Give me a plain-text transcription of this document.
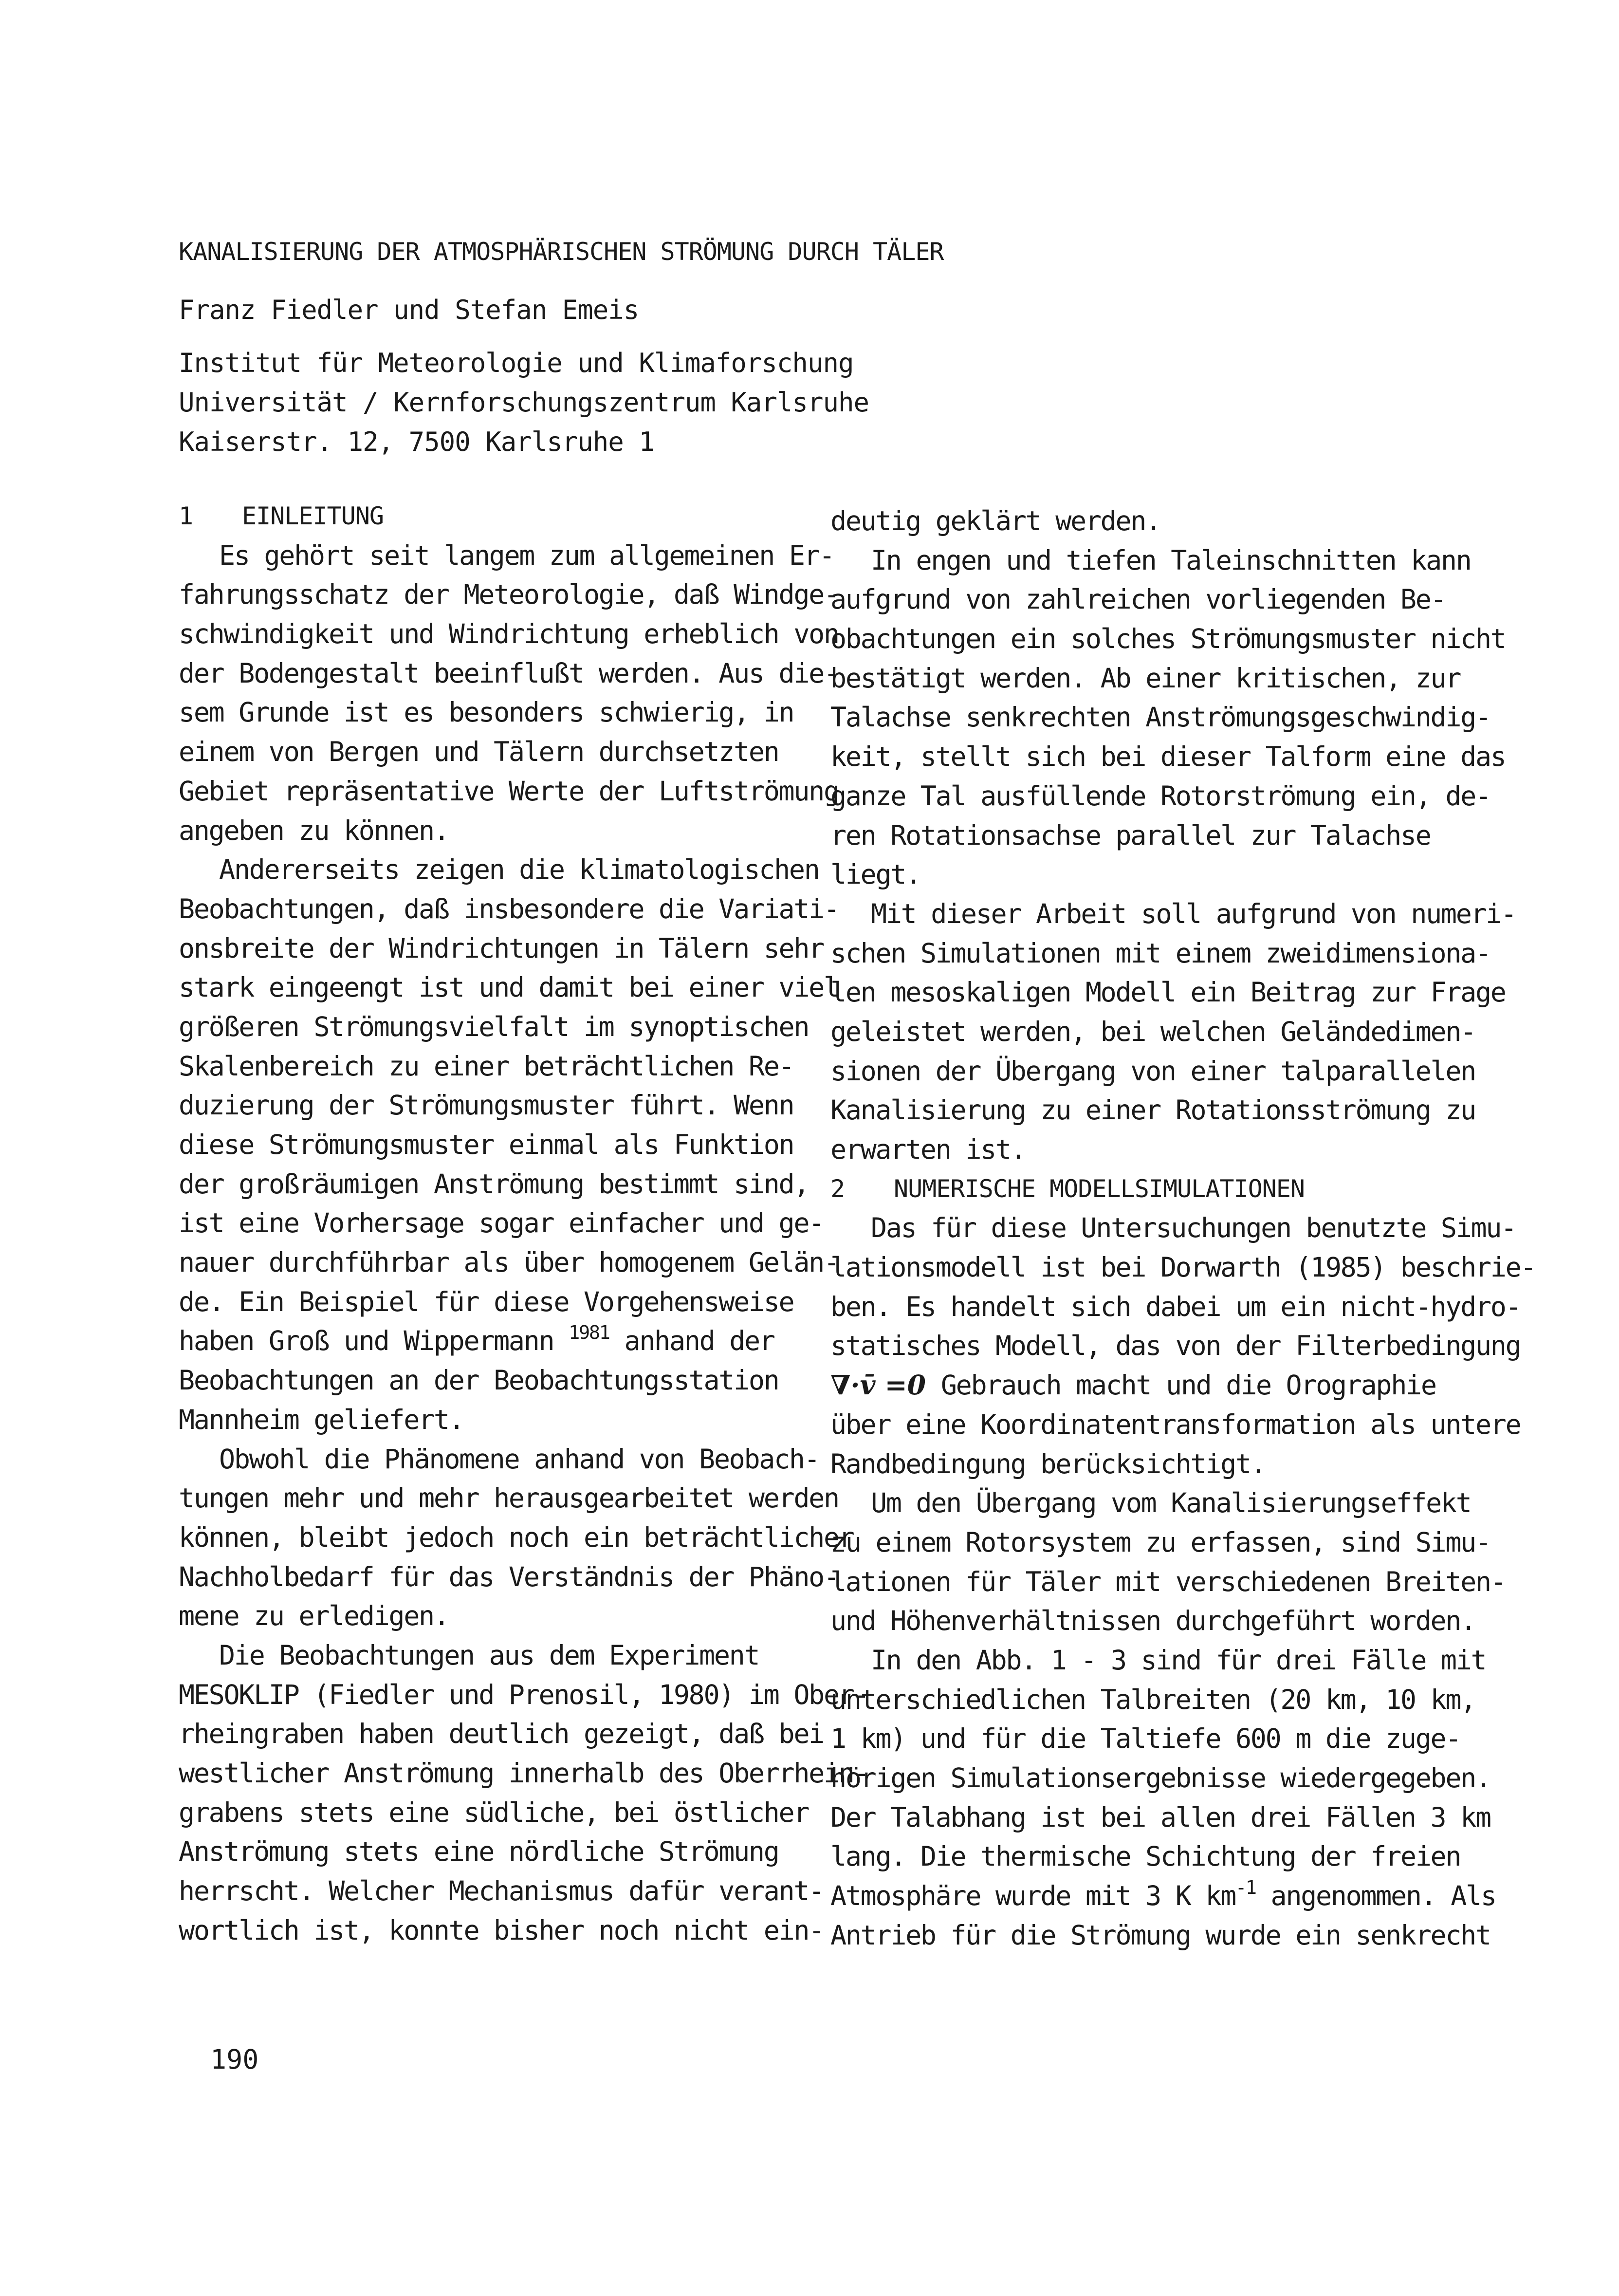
KANALISIERUNG DER ATMOSPHÄRISCHEN STRÖMUNG DURCH TÄLER
Franz Fiedler und Stefan Emeis
Institut für Meteorologie und Klimaforschung
Universität / Kernforschungszentrum Karlsruhe
Kaiserstr. 12, 7500 Karlsruhe 1
1 EINLEITUNG
Es gehört seit langem zum allgemeinen Er-
fahrungsschatz der Meteorologie, daß Windge-
schwindigkeit und Windrichtung erheblich von
der Bodengestalt beeinflußt werden. Aus die-
sem Grunde ist es besonders schwierig, in
einem von Bergen und Tälern durchsetzten
Gebiet repräsentative Werte der Luftströmung
angeben zu können.
Andererseits zeigen die klimatologischen
Beobachtungen, daß insbesondere die Variati-
onsbreite der Windrichtungen in Tälern sehr
stark eingeengt ist und damit bei einer viel
größeren Strömungsvielfalt im synoptischen
Skalenbereich zu einer beträchtlichen Re-
duzierung der Strömungsmuster führt. Wenn
diese Strömungsmuster einmal als Funktion
der großräumigen Anströmung bestimmt sind,
ist eine Vorhersage sogar einfacher und ge-
nauer durchführbar als über homogenem Gelän-
de. Ein Beispiel für diese Vorgehensweise
haben Groß und Wippermann $^{1981}$ anhand der
Beobachtungen an der Beobachtungsstation
Mannheim geliefert.
Obwohl die Phänomene anhand von Beobach-
tungen mehr und mehr herausgearbeitet werden
können, bleibt jedoch noch ein beträchtlicher
Nachholbedarf für das Verständnis der Phäno-
mene zu erledigen.
Die Beobachtungen aus dem Experiment
MESOKLIP (Fiedler und Prenosil, 1980) im Ober-
rheingraben haben deutlich gezeigt, daß bei
westlicher Anströmung innerhalb des Oberrhein-
grabens stets eine südliche, bei östlicher
Anströmung stets eine nördliche Strömung
herrscht. Welcher Mechanismus dafür verant-
wortlich ist, konnte bisher noch nicht ein-
deutig geklärt werden.
In engen und tiefen Taleinschnitten kann
aufgrund von zahlreichen vorliegenden Be-
obachtungen ein solches Strömungsmuster nicht
bestätigt werden. Ab einer kritischen, zur
Talachse senkrechten Anströmungsgeschwindig-
keit, stellt sich bei dieser Talform eine das
ganze Tal ausfüllende Rotorströmung ein, de-
ren Rotationsachse parallel zur Talachse
liegt.
Mit dieser Arbeit soll aufgrund von numeri-
schen Simulationen mit einem zweidimensiona-
len mesoskaligen Modell ein Beitrag zur Frage
geleistet werden, bei welchen Geländedimen-
sionen der Übergang von einer talparallelen
Kanalisierung zu einer Rotationsströmung zu
erwarten ist.
2 NUMERISCHE MODELLSIMULATIONEN
Das für diese Untersuchungen benutzte Simu-
lationsmodell ist bei Dorwarth (1985) beschrie-
ben. Es handelt sich dabei um ein nicht-hydro-
statisches Modell, das von der Filterbedingung
∇·v̄ =0 Gebrauch macht und die Orographie
über eine Koordinatentransformation als untere
Randbedingung berücksichtigt.
Um den Übergang vom Kanalisierungseffekt
zu einem Rotorsystem zu erfassen, sind Simu-
lationen für Täler mit verschiedenen Breiten-
und Höhenverhältnissen durchgeführt worden.
In den Abb. 1 - 3 sind für drei Fälle mit
unterschiedlichen Talbreiten (20 km, 10 km,
1 km) und für die Taltiefe 600 m die zuge-
hörigen Simulationsergebnisse wiedergegeben.
Der Talabhang ist bei allen drei Fällen 3 km
lang. Die thermische Schichtung der freien
Atmosphäre wurde mit 3 K $km^{-1}$ angenommen. Als
Antrieb für die Strömung wurde ein senkrecht
190
